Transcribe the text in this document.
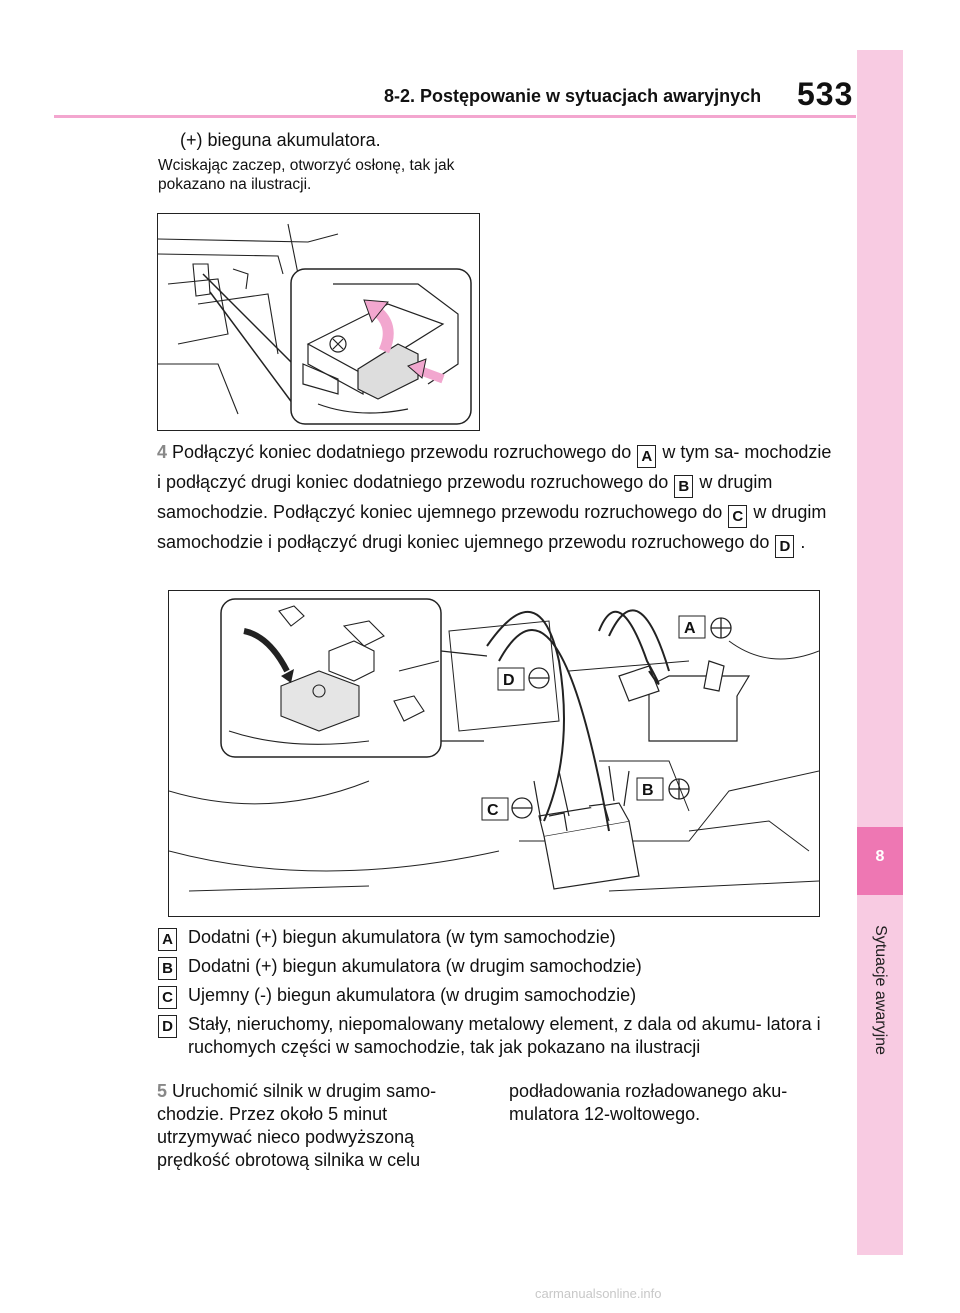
8
Sytuacje awaryjne
8-2. Postępowanie w sytuacjach awaryjnych 533
(+) bieguna akumulatora.
Wciskając zaczep, otworzyć osłonę, tak jak pokazano na ilustracji.
4 Podłączyć koniec dodatniego przewodu rozruchowego do A w tym sa- mochodzie i podłączyć drugi koniec dodatniego przewodu rozruchowego do B w drugim samochodzie. Podłączyć koniec ujemnego przewodu rozruchowego do C w drugim samochodzie i podłączyć drugi koniec ujemnego przewodu rozruchowego do D .
A
D
C
B
A Dodatni (+) biegun akumulatora (w tym samochodzie)
B Dodatni (+) biegun akumulatora (w drugim samochodzie)
C Ujemny (-) biegun akumulatora (w drugim samochodzie)
D Stały, nieruchomy, niepomalowany metalowy element, z dala od akumu- latora i ruchomych części w samochodzie, tak jak pokazano na ilustracji
5 Uruchomić silnik w drugim samo- chodzie. Przez około 5 minut utrzymywać nieco podwyższoną prędkość obrotową silnika w celu
podładowania rozładowanego aku- mulatora 12-woltowego.
carmanualsonline.info
